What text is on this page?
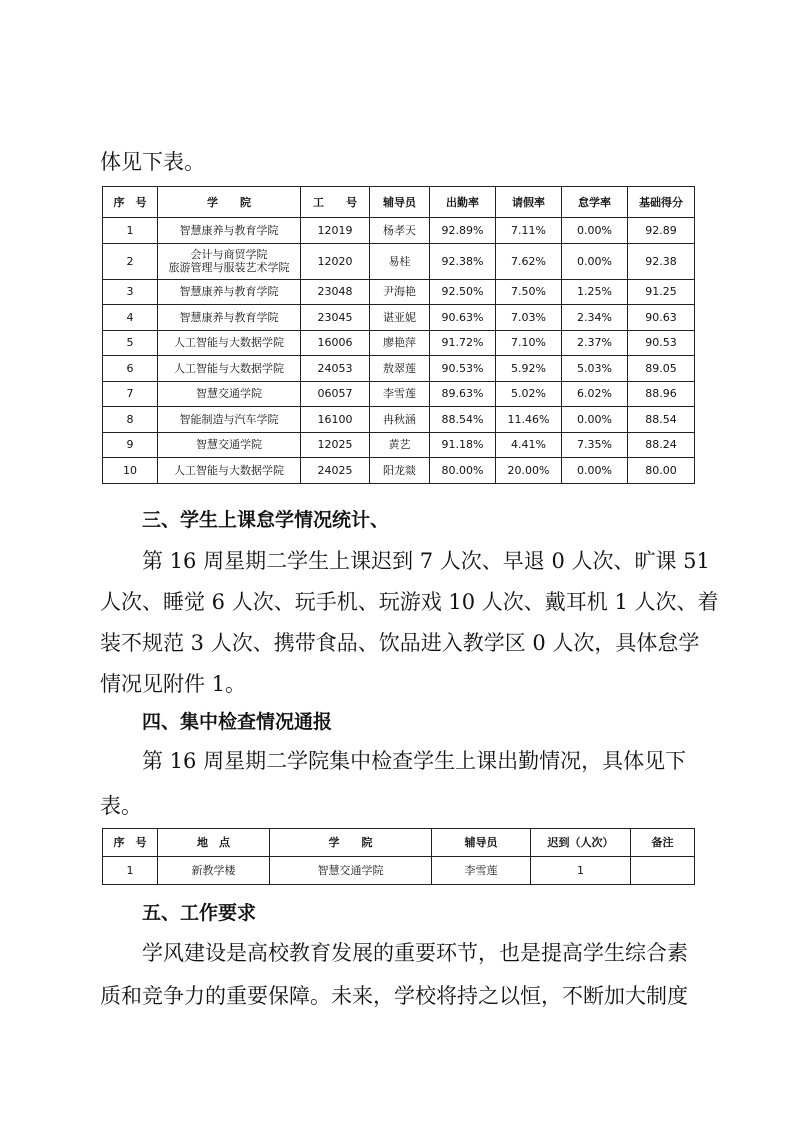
体见下表。

序　号	学　　院	工　　号	辅导员	出勤率	请假率	怠学率	基础得分
1	智慧康养与教育学院	12019	杨孝天	92.89%	7.11%	0.00%	92.89
2	会计与商贸学院
旅游管理与服装艺术学院	12020	易桂	92.38%	7.62%	0.00%	92.38
3	智慧康养与教育学院	23048	尹海艳	92.50%	7.50%	1.25%	91.25
4	智慧康养与教育学院	23045	谌亚妮	90.63%	7.03%	2.34%	90.63
5	人工智能与大数据学院	16006	廖艳萍	91.72%	7.10%	2.37%	90.53
6	人工智能与大数据学院	24053	敖翠莲	90.53%	5.92%	5.03%	89.05
7	智慧交通学院	06057	李雪莲	89.63%	5.02%	6.02%	88.96
8	智能制造与汽车学院	16100	冉秋涵	88.54%	11.46%	0.00%	88.54
9	智慧交通学院	12025	黄艺	91.18%	4.41%	7.35%	88.24
10	人工智能与大数据学院	24025	阳龙燚	80.00%	20.00%	0.00%	80.00

三、学生上课怠学情况统计、

第 16 周星期二学生上课迟到 7 人次、早退 0 人次、旷课 51

人次、睡觉 6 人次、玩手机、玩游戏 10 人次、戴耳机 1 人次、着

装不规范 3 人次、携带食品、饮品进入教学区 0 人次，具体怠学

情况见附件 1。

四、集中检查情况通报

第 16 周星期二学院集中检查学生上课出勤情况，具体见下

表。

序　号	地　点	学　　院	辅导员	迟到（人次）	备注
1	新教学楼	智慧交通学院	李雪莲	1	

五、工作要求

学风建设是高校教育发展的重要环节，也是提高学生综合素

质和竞争力的重要保障。未来，学校将持之以恒，不断加大制度
